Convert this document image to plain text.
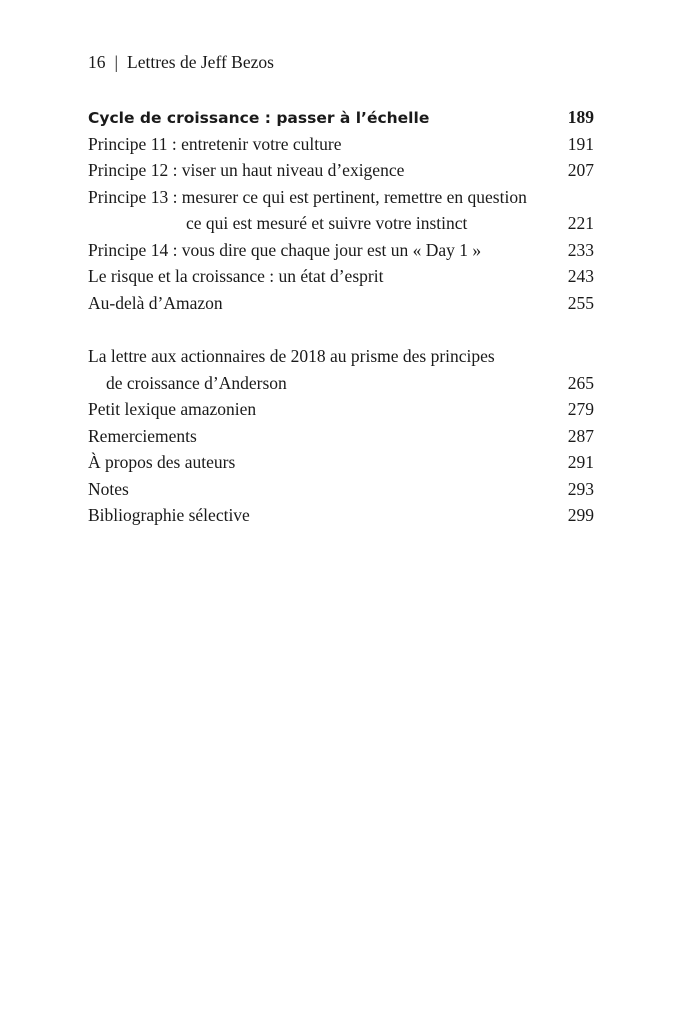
16 | Lettres de Jeff Bezos
Cycle de croissance : passer à l’échelle	189
Principe 11 : entretenir votre culture	191
Principe 12 : viser un haut niveau d’exigence	207
Principe 13 : mesurer ce qui est pertinent, remettre en question
ce qui est mesuré et suivre votre instinct	221
Principe 14 : vous dire que chaque jour est un « Day 1 »	233
Le risque et la croissance : un état d’esprit	243
Au-delà d’Amazon	255
La lettre aux actionnaires de 2018 au prisme des principes
de croissance d’Anderson	265
Petit lexique amazonien	279
Remerciements	287
À propos des auteurs	291
Notes	293
Bibliographie sélective	299
